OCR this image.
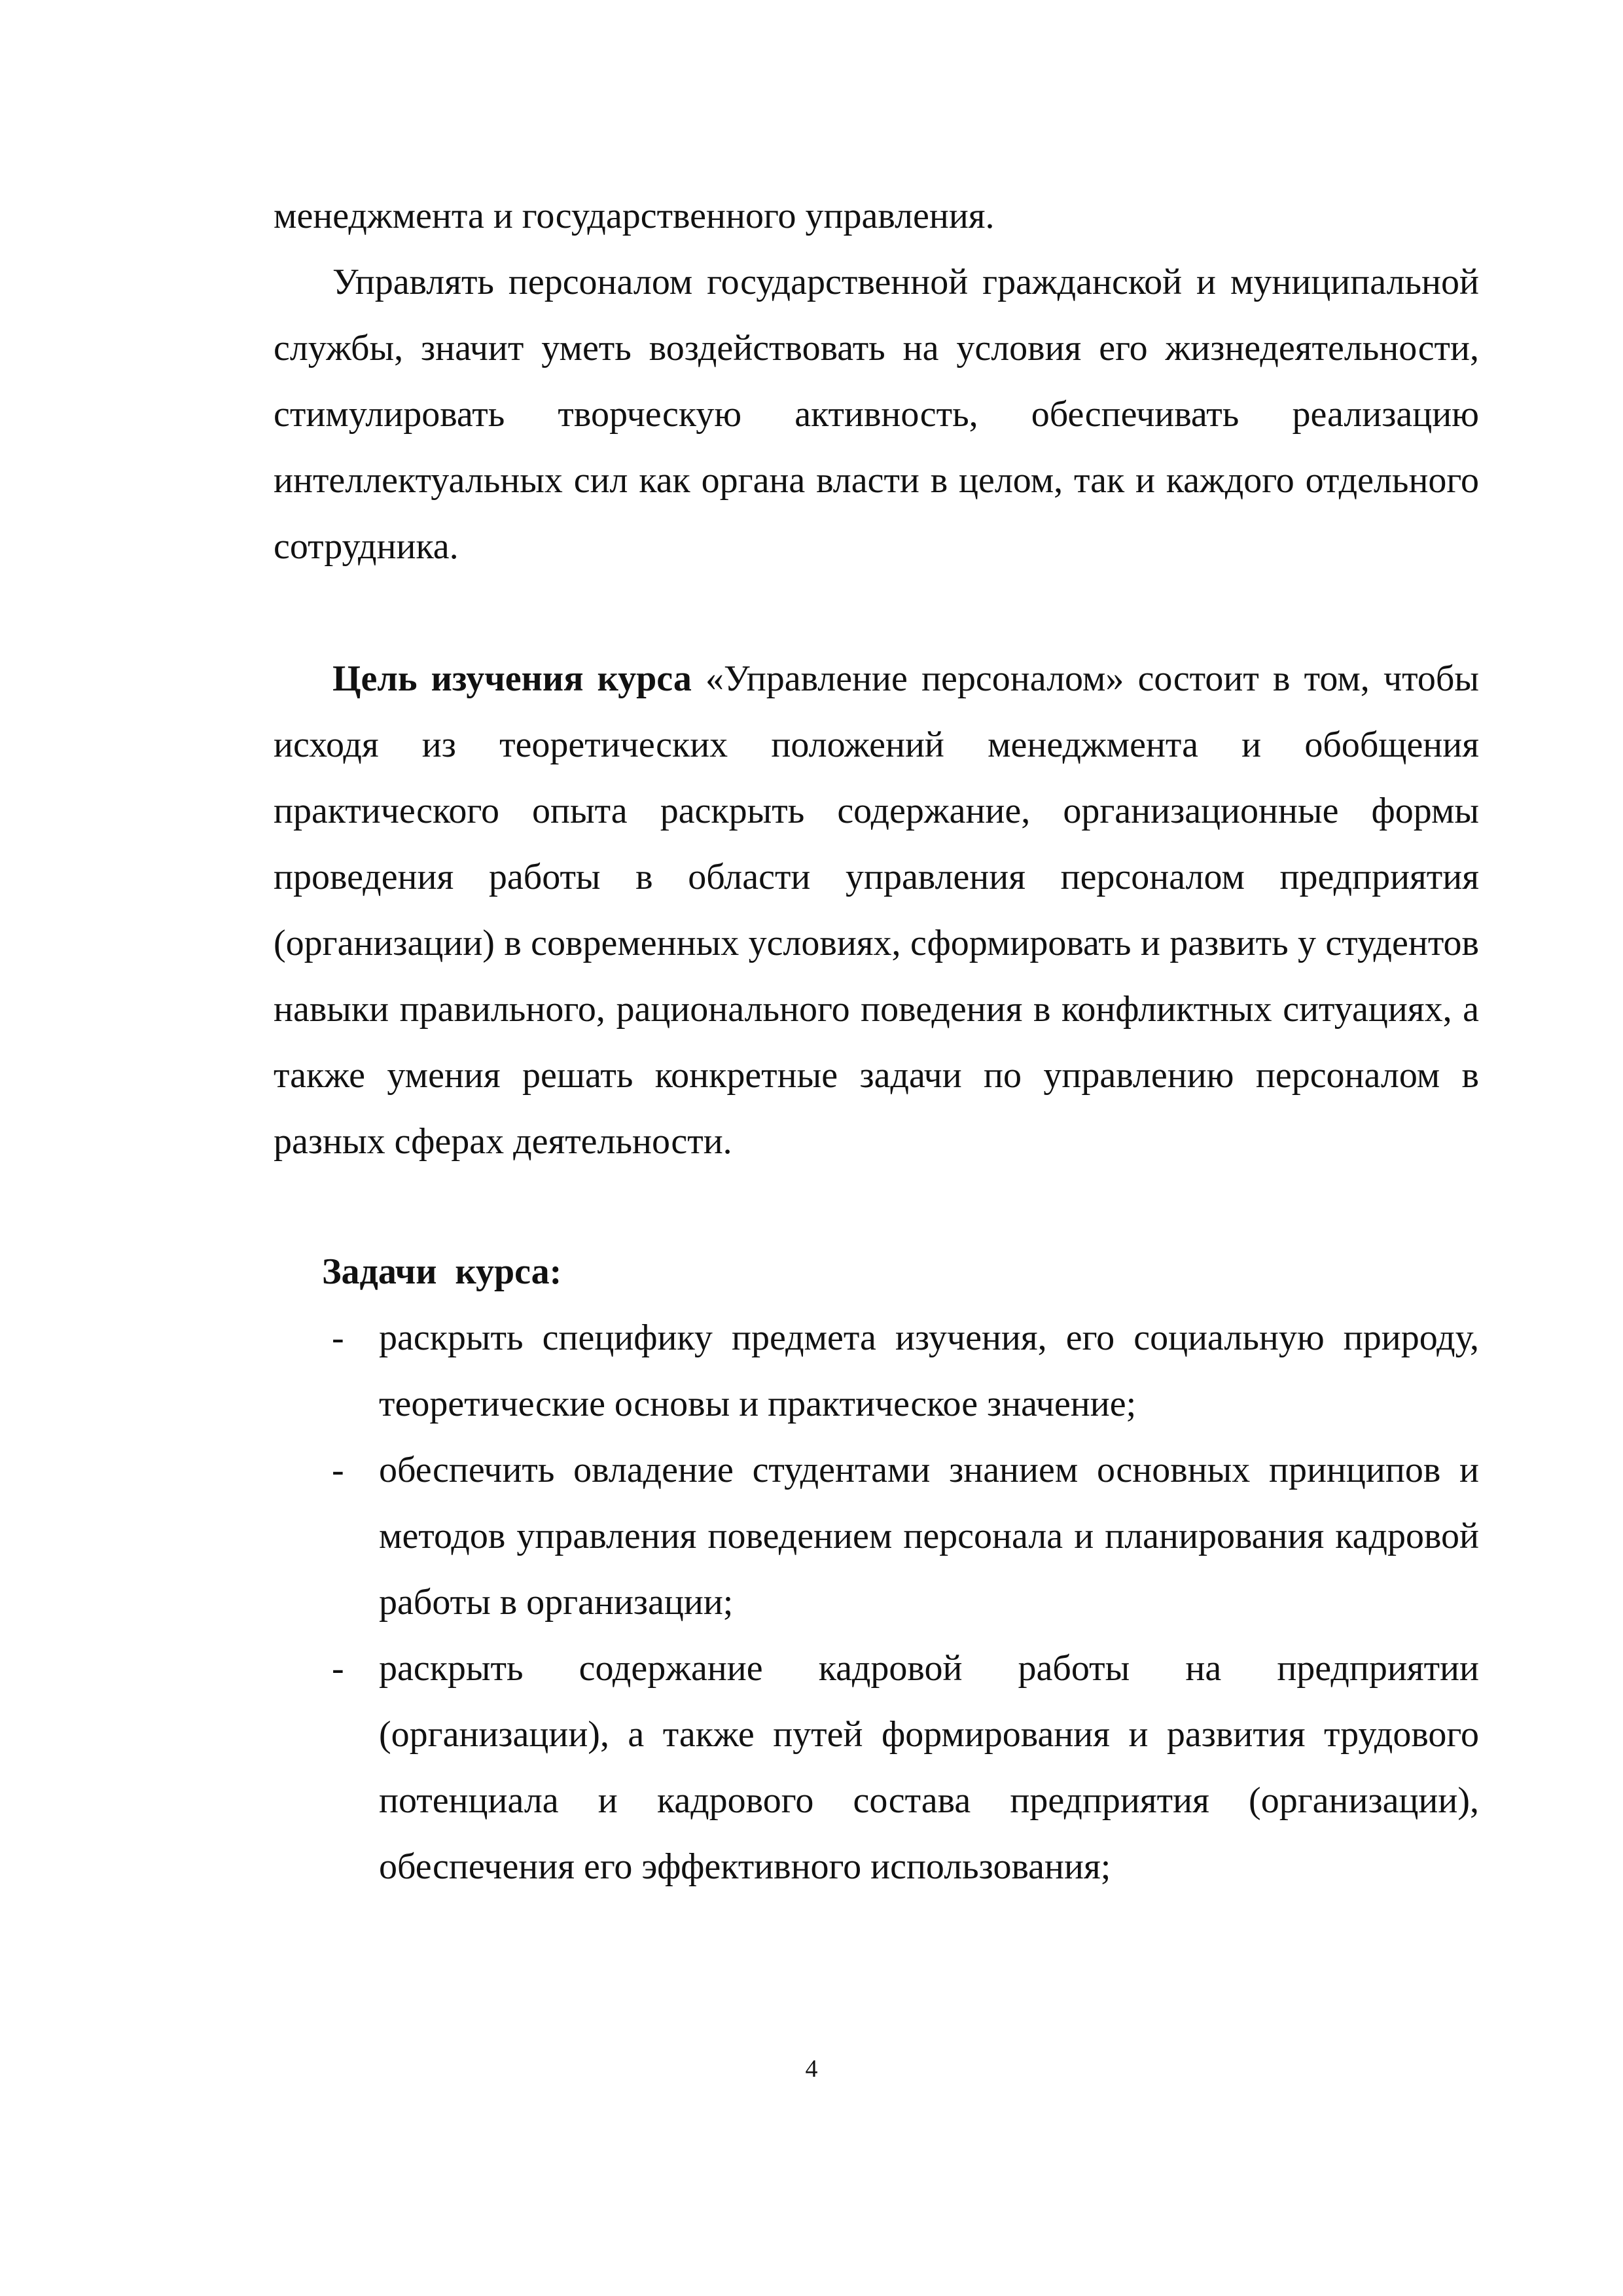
менеджмента и государственного управления.

Управлять персоналом государственной гражданской и муниципальной службы, значит уметь воздействовать на условия его жизнедеятельности, стимулировать творческую активность, обеспечивать реализацию интеллектуальных сил как органа власти в целом, так и каждого отдельного сотрудника.

Цель изучения курса «Управление персоналом» состоит в том, чтобы исходя из теоретических положений менеджмента и обобщения практического опыта раскрыть содержание, организационные формы проведения работы в области управления персоналом предприятия (организации) в современных условиях, сформировать и развить у студентов навыки правильного, рационального поведения в конфликтных ситуациях, а также умения решать конкретные задачи по управлению персоналом в разных сферах деятельности.

Задачи курса:

- раскрыть специфику предмета изучения, его социальную природу, теоретические основы и практическое значение;

- обеспечить овладение студентами знанием основных принципов и методов управления поведением персонала и планирования кадровой работы в организации;

- раскрыть содержание кадровой работы на предприятии (организации), а также путей формирования и развития трудового потенциала и кадрового состава предприятия (организации), обеспечения его эффективного использования;

4
